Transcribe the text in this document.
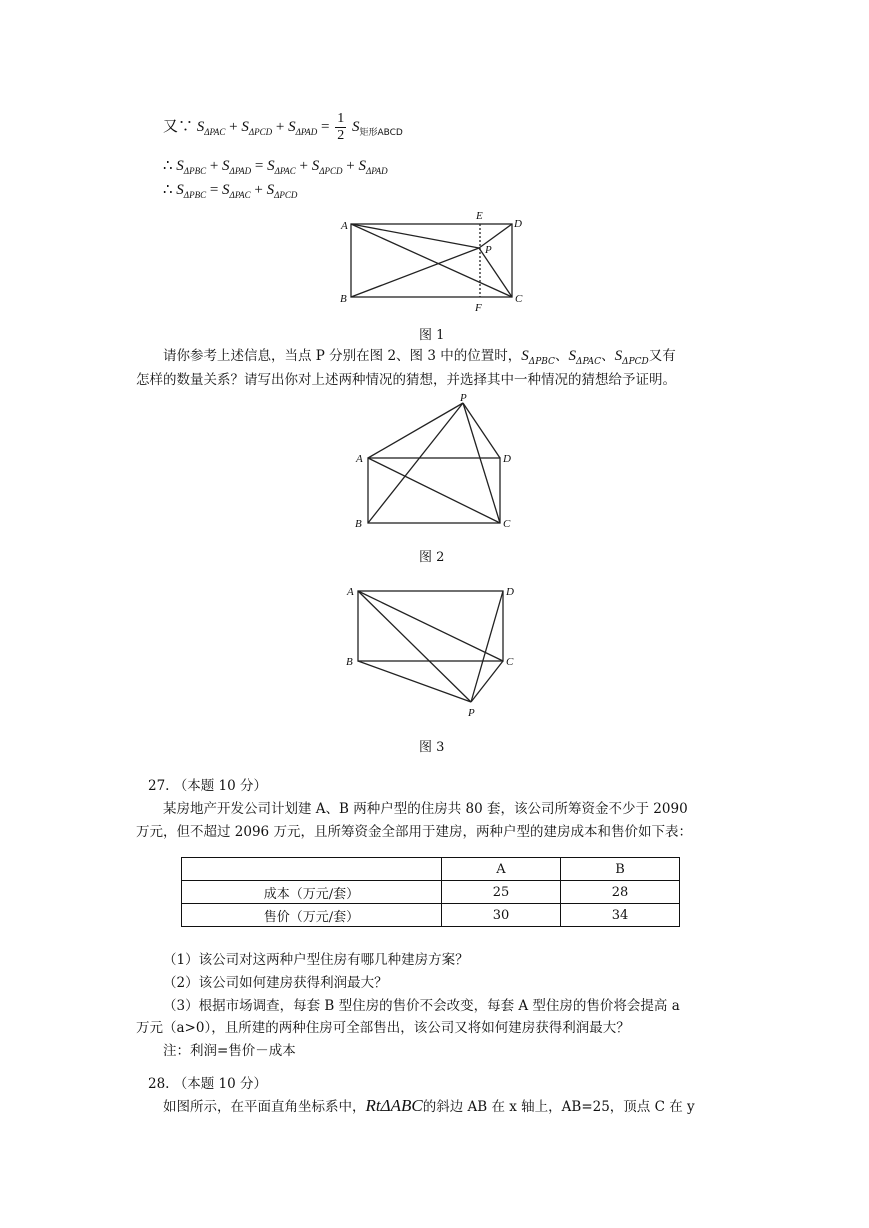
又∵ $S_{\Delta PAC} + S_{\Delta PCD} + S_{\Delta PAD} = \frac{1}{2} S_{矩形ABCD}$
∴ $S_{\Delta PBC} + S_{\Delta PAD} = S_{\Delta PAC} + S_{\Delta PCD} + S_{\Delta PAD}$
∴ $S_{\Delta PBC} = S_{\Delta PAC} + S_{\Delta PCD}$
A
B	C
D
E
F
P
图 1
请你参考上述信息，当点 P 分别在图 2、图 3 中的位置时，$S_{\Delta PBC}$、$S_{\Delta PAC}$、$S_{\Delta PCD}$又有
怎样的数量关系？请写出你对上述两种情况的猜想，并选择其中一种情况的猜想给予证明。
A
B	C
D
P
图 2
A
B	C
D
P
图 3
27. （本题 10 分）
某房地产开发公司计划建 A、B 两种户型的住房共 80 套，该公司所筹资金不少于 2090
万元，但不超过 2096 万元，且所筹资金全部用于建房，两种户型的建房成本和售价如下表：
	A	B
成本（万元/套）	25	28
售价（万元/套）	30	34
（1）该公司对这两种户型住房有哪几种建房方案？
（2）该公司如何建房获得利润最大？
（3）根据市场调查，每套 B 型住房的售价不会改变，每套 A 型住房的售价将会提高 a
万元（a>0），且所建的两种住房可全部售出，该公司又将如何建房获得利润最大？
注：利润=售价－成本
28. （本题 10 分）
如图所示，在平面直角坐标系中，RtΔABC的斜边 AB 在 x 轴上，AB=25，顶点 C 在 y
